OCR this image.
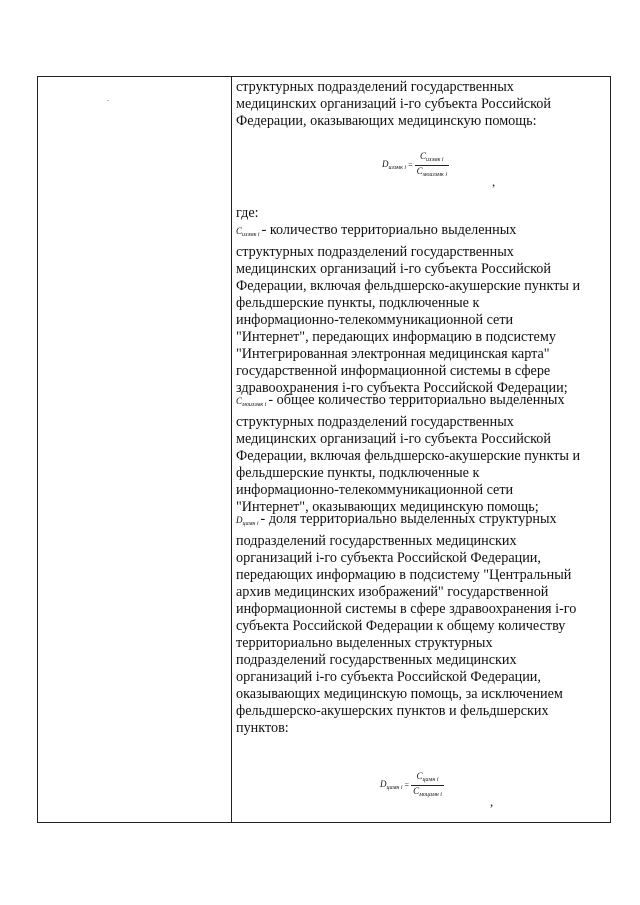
.
структурных подразделений государственных
медицинских организаций i-го субъекта Российской
Федерации, оказывающих медицинскую помощь:
$D_{изэмк i} = \frac{C_{изэмк i}}{C_{моизэмк i}}$
,
где:
$C_{изэмк i}$ - количество территориально выделенных
структурных подразделений государственных
медицинских организаций i-го субъекта Российской
Федерации, включая фельдшерско-акушерские пункты и
фельдшерские пункты, подключенные к
информационно-телекоммуникационной сети
"Интернет", передающих информацию в подсистему
"Интегрированная электронная медицинская карта"
государственной информационной системы в сфере
здравоохранения i-го субъекта Российской Федерации;
$C_{моизэмк i}$ - общее количество территориально выделенных
структурных подразделений государственных
медицинских организаций i-го субъекта Российской
Федерации, включая фельдшерско-акушерские пункты и
фельдшерские пункты, подключенные к
информационно-телекоммуникационной сети
"Интернет", оказывающих медицинскую помощь;
$D_{цамн i}$ - доля территориально выделенных структурных
подразделений государственных медицинских
организаций i-го субъекта Российской Федерации,
передающих информацию в подсистему "Центральный
архив медицинских изображений" государственной
информационной системы в сфере здравоохранения i-го
субъекта Российской Федерации к общему количеству
территориально выделенных структурных
подразделений государственных медицинских
организаций i-го субъекта Российской Федерации,
оказывающих медицинскую помощь, за исключением
фельдшерско-акушерских пунктов и фельдшерских
пунктов:
$D_{цамн i} = \frac{C_{цамн i}}{C_{моцамн i}}$
,
